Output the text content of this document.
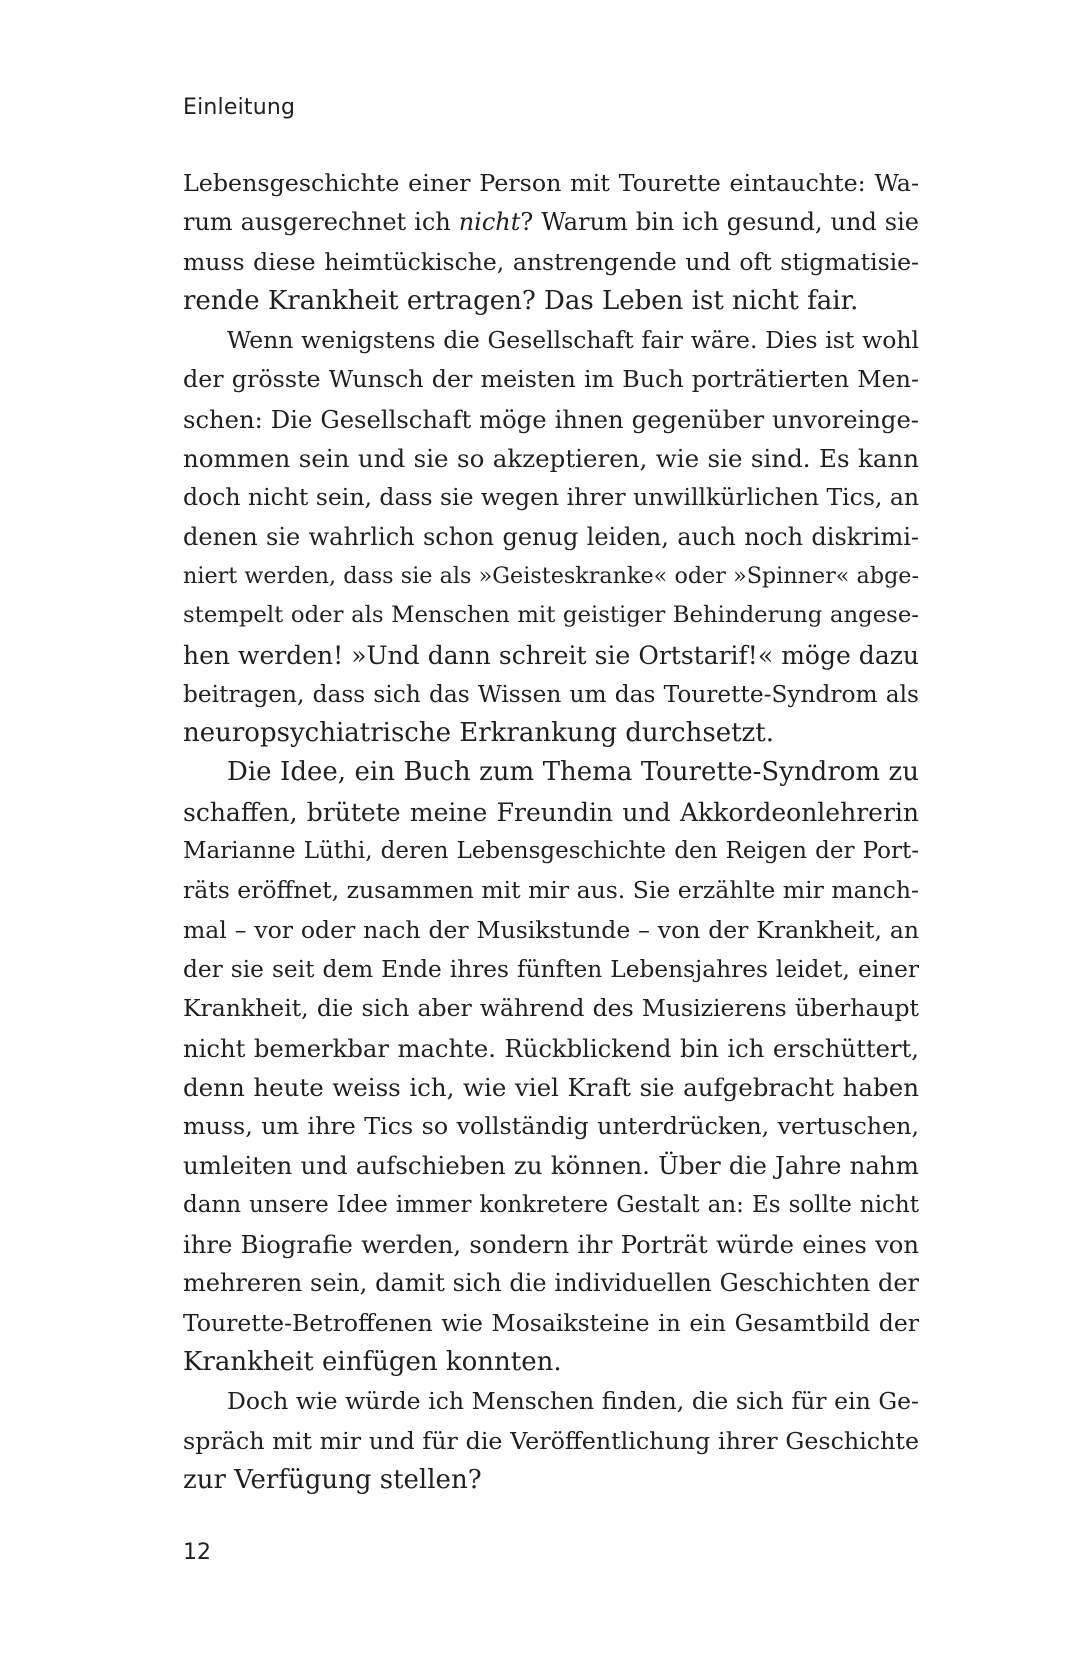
Einleitung
Lebensgeschichte einer Person mit Tourette eintauchte: Wa-
rum ausgerechnet ich nicht? Warum bin ich gesund, und sie
muss diese heimtückische, anstrengende und oft stigmatisie-
rende Krankheit ertragen? Das Leben ist nicht fair.
Wenn wenigstens die Gesellschaft fair wäre. Dies ist wohl
der grösste Wunsch der meisten im Buch porträtierten Men-
schen: Die Gesellschaft möge ihnen gegenüber unvoreinge-
nommen sein und sie so akzeptieren, wie sie sind. Es kann
doch nicht sein, dass sie wegen ihrer unwillkürlichen Tics, an
denen sie wahrlich schon genug leiden, auch noch diskrimi-
niert werden, dass sie als »Geisteskranke« oder »Spinner« abge-
stempelt oder als Menschen mit geistiger Behinderung angese-
hen werden! »Und dann schreit sie Ortstarif!« möge dazu
beitragen, dass sich das Wissen um das Tourette-Syndrom als
neuropsychiatrische Erkrankung durchsetzt.
Die Idee, ein Buch zum Thema Tourette-Syndrom zu
schaffen, brütete meine Freundin und Akkordeonlehrerin
Marianne Lüthi, deren Lebensgeschichte den Reigen der Port-
räts eröffnet, zusammen mit mir aus. Sie erzählte mir manch-
mal – vor oder nach der Musikstunde – von der Krankheit, an
der sie seit dem Ende ihres fünften Lebensjahres leidet, einer
Krankheit, die sich aber während des Musizierens überhaupt
nicht bemerkbar machte. Rückblickend bin ich erschüttert,
denn heute weiss ich, wie viel Kraft sie aufgebracht haben
muss, um ihre Tics so vollständig unterdrücken, vertuschen,
umleiten und aufschieben zu können. Über die Jahre nahm
dann unsere Idee immer konkretere Gestalt an: Es sollte nicht
ihre Biografie werden, sondern ihr Porträt würde eines von
mehreren sein, damit sich die individuellen Geschichten der
Tourette-Betroffenen wie Mosaiksteine in ein Gesamtbild der
Krankheit einfügen konnten.
Doch wie würde ich Menschen finden, die sich für ein Ge-
spräch mit mir und für die Veröffentlichung ihrer Geschichte
zur Verfügung stellen?
12
